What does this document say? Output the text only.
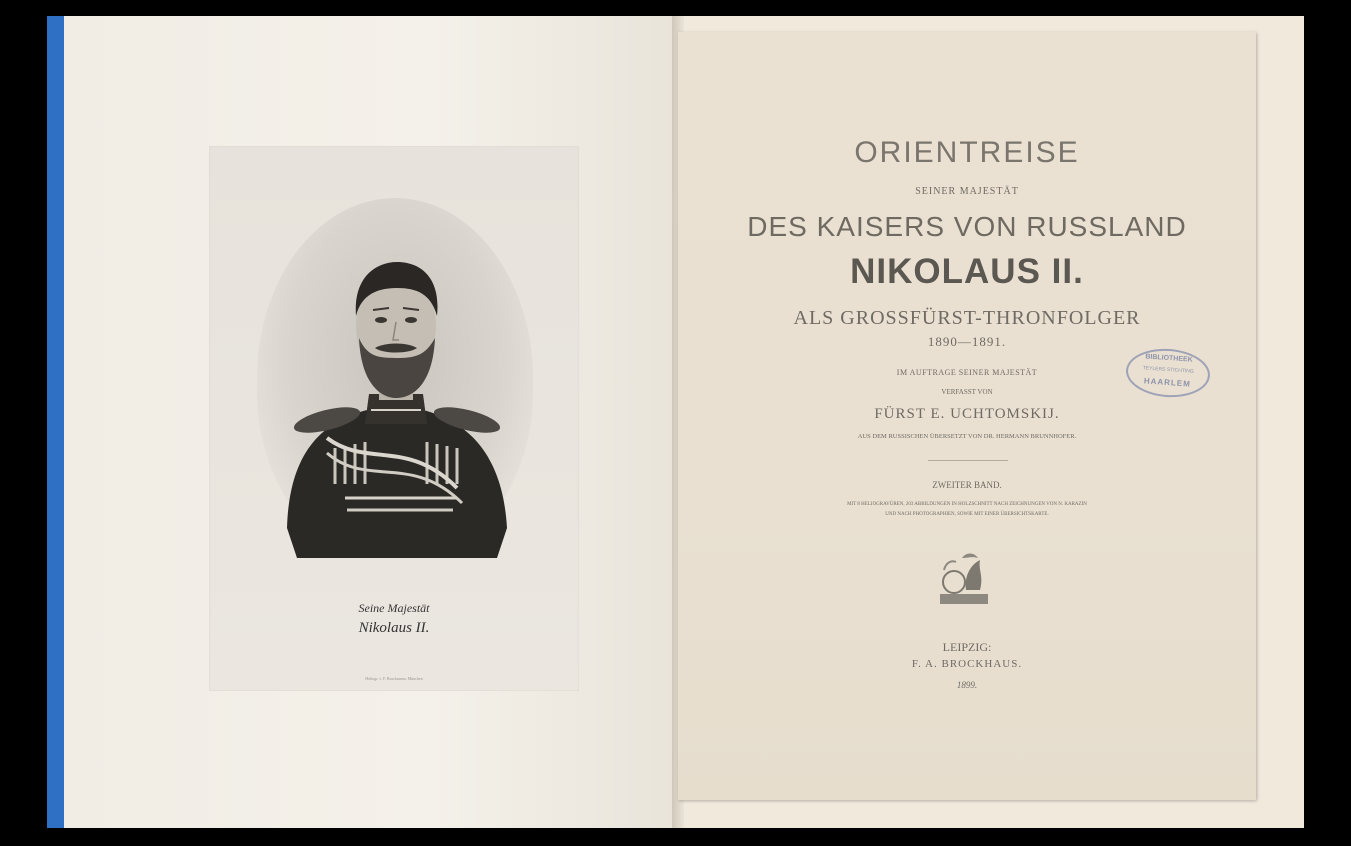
Seine Majestät
Nikolaus II.
Heliogr. v. F. Bruckmann, München
ORIENTREISE
SEINER MAJESTÄT
DES KAISERS VON RUSSLAND
NIKOLAUS II.
ALS GROSSFÜRST-THRONFOLGER
1890—1891.
IM AUFTRAGE SEINER MAJESTÄT
VERFASST VON
FÜRST E. UCHTOMSKIJ.
AUS DEM RUSSISCHEN ÜBERSETZT VON DR. HERMANN BRUNNHOFER.
ZWEITER BAND.
MIT 8 HELIOGRAVÜREN, 203 ABBILDUNGEN IN HOLZSCHNITT NACH ZEICHNUNGEN VON N. KARAZIN
UND NACH PHOTOGRAPHIEN, SOWIE MIT EINER ÜBERSICHTSKARTE.
LEIPZIG:
F. A. BROCKHAUS.
1899.
BIBLIOTHEEK
TEYLERS STICHTING
HAARLEM
